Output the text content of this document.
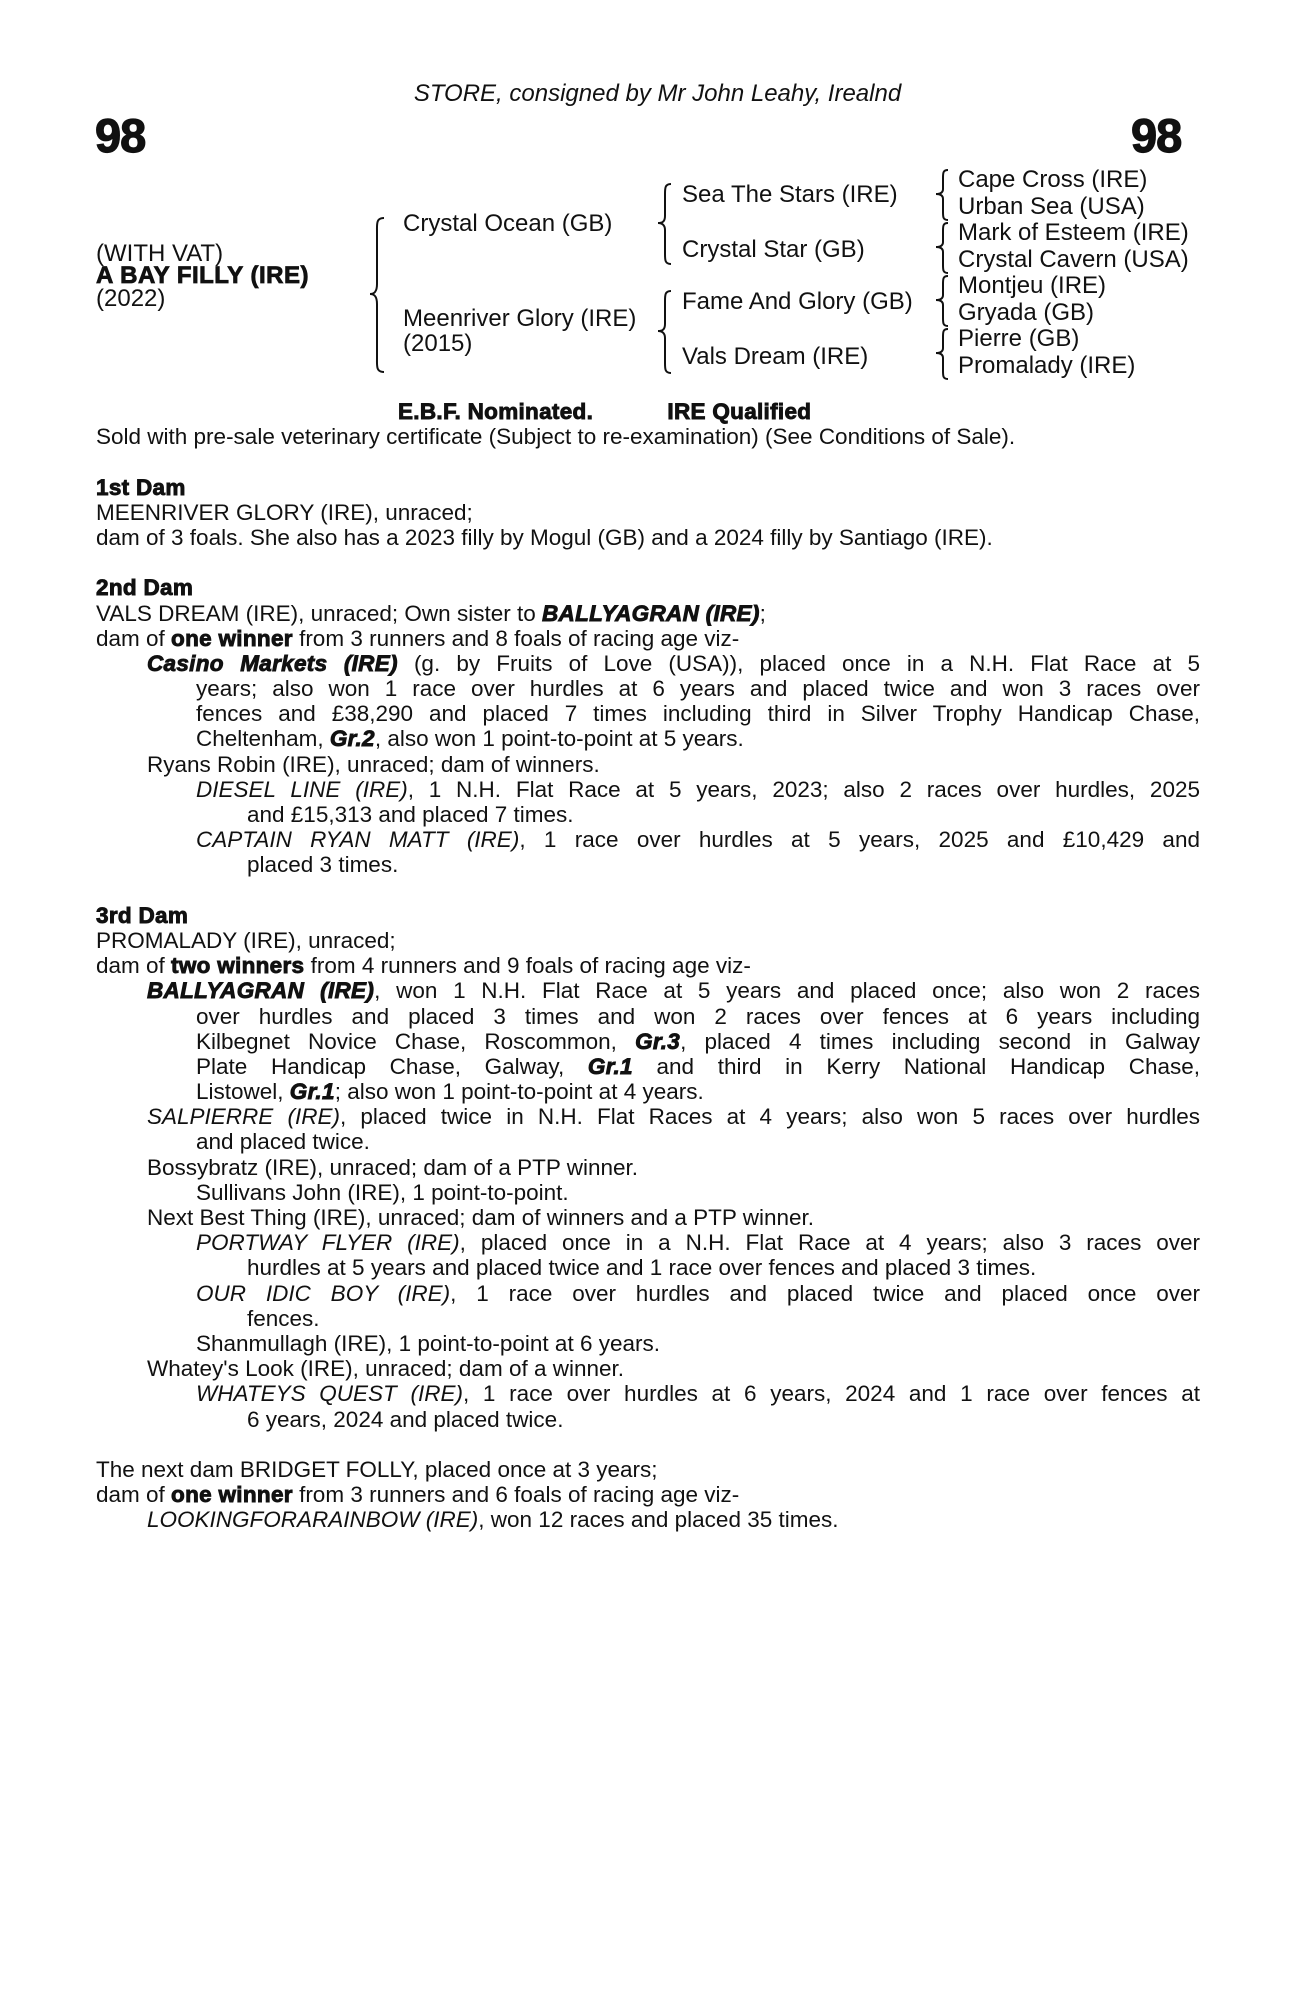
STORE, consigned by Mr John Leahy, Irealnd
98	98
(WITH VAT)
A BAY FILLY (IRE)
(2022)
Crystal Ocean (GB)
Meenriver Glory (IRE)
(2015)
Sea The Stars (IRE)
Crystal Star (GB)
Fame And Glory (GB)
Vals Dream (IRE)
Cape Cross (IRE)
Urban Sea (USA)
Mark of Esteem (IRE)
Crystal Cavern (USA)
Montjeu (IRE)
Gryada (GB)
Pierre (GB)
Promalady (IRE)
E.B.F. Nominated.	IRE Qualified
Sold with pre-sale veterinary certificate (Subject to re-examination) (See Conditions of Sale).
1st Dam
MEENRIVER GLORY (IRE), unraced;
dam of 3 foals. She also has a 2023 filly by Mogul (GB) and a 2024 filly by Santiago (IRE).
2nd Dam
VALS DREAM (IRE), unraced; Own sister to BALLYAGRAN (IRE);
dam of one winner from 3 runners and 8 foals of racing age viz-
Casino Markets (IRE) (g. by Fruits of Love (USA)), placed once in a N.H. Flat Race at 5
years; also won 1 race over hurdles at 6 years and placed twice and won 3 races over
fences and £38,290 and placed 7 times including third in Silver Trophy Handicap Chase,
Cheltenham, Gr.2, also won 1 point-to-point at 5 years.
Ryans Robin (IRE), unraced; dam of winners.
DIESEL LINE (IRE), 1 N.H. Flat Race at 5 years, 2023; also 2 races over hurdles, 2025
and £15,313 and placed 7 times.
CAPTAIN RYAN MATT (IRE), 1 race over hurdles at 5 years, 2025 and £10,429 and
placed 3 times.
3rd Dam
PROMALADY (IRE), unraced;
dam of two winners from 4 runners and 9 foals of racing age viz-
BALLYAGRAN (IRE), won 1 N.H. Flat Race at 5 years and placed once; also won 2 races
over hurdles and placed 3 times and won 2 races over fences at 6 years including
Kilbegnet Novice Chase, Roscommon, Gr.3, placed 4 times including second in Galway
Plate Handicap Chase, Galway, Gr.1 and third in Kerry National Handicap Chase,
Listowel, Gr.1; also won 1 point-to-point at 4 years.
SALPIERRE (IRE), placed twice in N.H. Flat Races at 4 years; also won 5 races over hurdles
and placed twice.
Bossybratz (IRE), unraced; dam of a PTP winner.
Sullivans John (IRE), 1 point-to-point.
Next Best Thing (IRE), unraced; dam of winners and a PTP winner.
PORTWAY FLYER (IRE), placed once in a N.H. Flat Race at 4 years; also 3 races over
hurdles at 5 years and placed twice and 1 race over fences and placed 3 times.
OUR IDIC BOY (IRE), 1 race over hurdles and placed twice and placed once over
fences.
Shanmullagh (IRE), 1 point-to-point at 6 years.
Whatey's Look (IRE), unraced; dam of a winner.
WHATEYS QUEST (IRE), 1 race over hurdles at 6 years, 2024 and 1 race over fences at
6 years, 2024 and placed twice.
The next dam BRIDGET FOLLY, placed once at 3 years;
dam of one winner from 3 runners and 6 foals of racing age viz-
LOOKINGFORARAINBOW (IRE), won 12 races and placed 35 times.
